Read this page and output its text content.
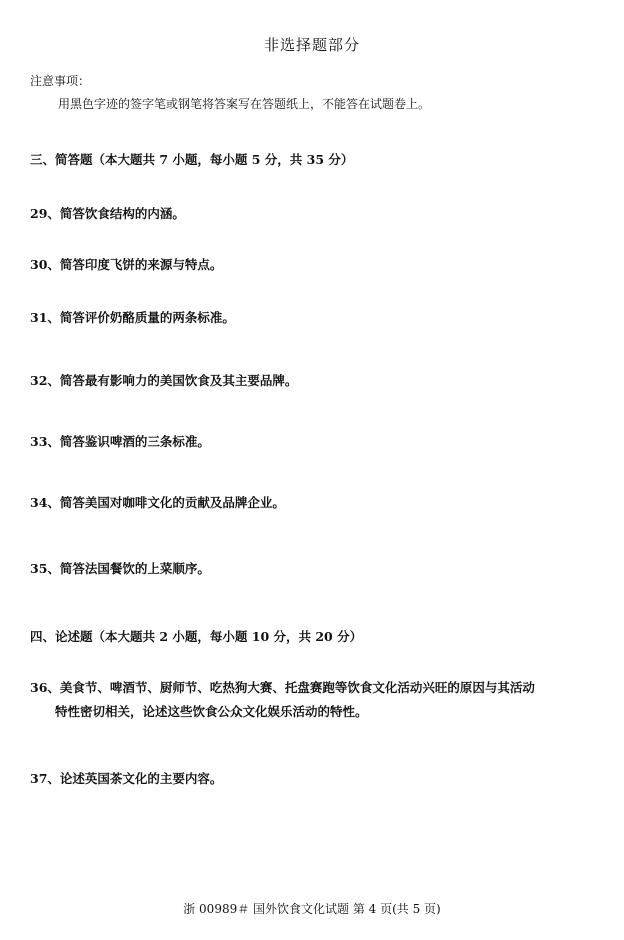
非选择题部分
注意事项：
用黑色字迹的签字笔或钢笔将答案写在答题纸上，不能答在试题卷上。
三、简答题（本大题共 7 小题，每小题 5 分，共 35 分）
29、简答饮食结构的内涵。
30、简答印度飞饼的来源与特点。
31、简答评价奶酪质量的两条标准。
32、简答最有影响力的美国饮食及其主要品牌。
33、简答鉴识啤酒的三条标准。
34、简答美国对咖啡文化的贡献及品牌企业。
35、简答法国餐饮的上菜顺序。
四、论述题（本大题共 2 小题，每小题 10 分，共 20 分）
36、美食节、啤酒节、厨师节、吃热狗大赛、托盘赛跑等饮食文化活动兴旺的原因与其活动
特性密切相关，论述这些饮食公众文化娱乐活动的特性。
37、论述英国茶文化的主要内容。
浙 00989＃ 国外饮食文化试题 第 4 页(共 5 页)
